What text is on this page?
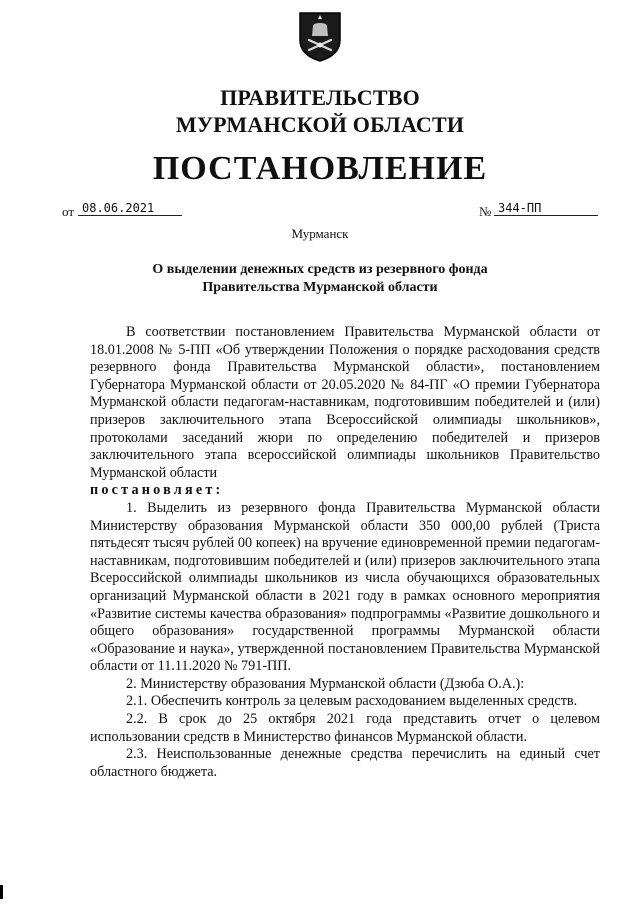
ПРАВИТЕЛЬСТВО
МУРМАНСКОЙ ОБЛАСТИ
ПОСТАНОВЛЕНИЕ
от 08.06.2021	№ 344-ПП
Мурманск
О выделении денежных средств из резервного фонда
Правительства Мурманской области

В соответствии постановлением Правительства Мурманской области от 18.01.2008 № 5-ПП «Об утверждении Положения о порядке расходования средств резервного фонда Правительства Мурманской области», постановлением Губернатора Мурманской области от 20.05.2020 № 84-ПГ «О премии Губернатора Мурманской области педагогам-наставникам, подготовившим победителей и (или) призеров заключительного этапа Всероссийской олимпиады школьников», протоколами заседаний жюри по определению победителей и призеров заключительного этапа всероссийской олимпиады школьников Правительство Мурманской области

постановляет:

1. Выделить из резервного фонда Правительства Мурманской области Министерству образования Мурманской области 350 000,00 рублей (Триста пятьдесят тысяч рублей 00 копеек) на вручение единовременной премии педагогам-наставникам, подготовившим победителей и (или) призеров заключительного этапа Всероссийской олимпиады школьников из числа обучающихся образовательных организаций Мурманской области в 2021 году в рамках основного мероприятия «Развитие системы качества образования» подпрограммы «Развитие дошкольного и общего образования» государственной программы Мурманской области «Образование и наука», утвержденной постановлением Правительства Мурманской области от 11.11.2020 № 791-ПП.

2. Министерству образования Мурманской области (Дзюба О.А.):

2.1. Обеспечить контроль за целевым расходованием выделенных средств.

2.2. В срок до 25 октября 2021 года представить отчет о целевом использовании средств в Министерство финансов Мурманской области.

2.3. Неиспользованные денежные средства перечислить на единый счет областного бюджета.
